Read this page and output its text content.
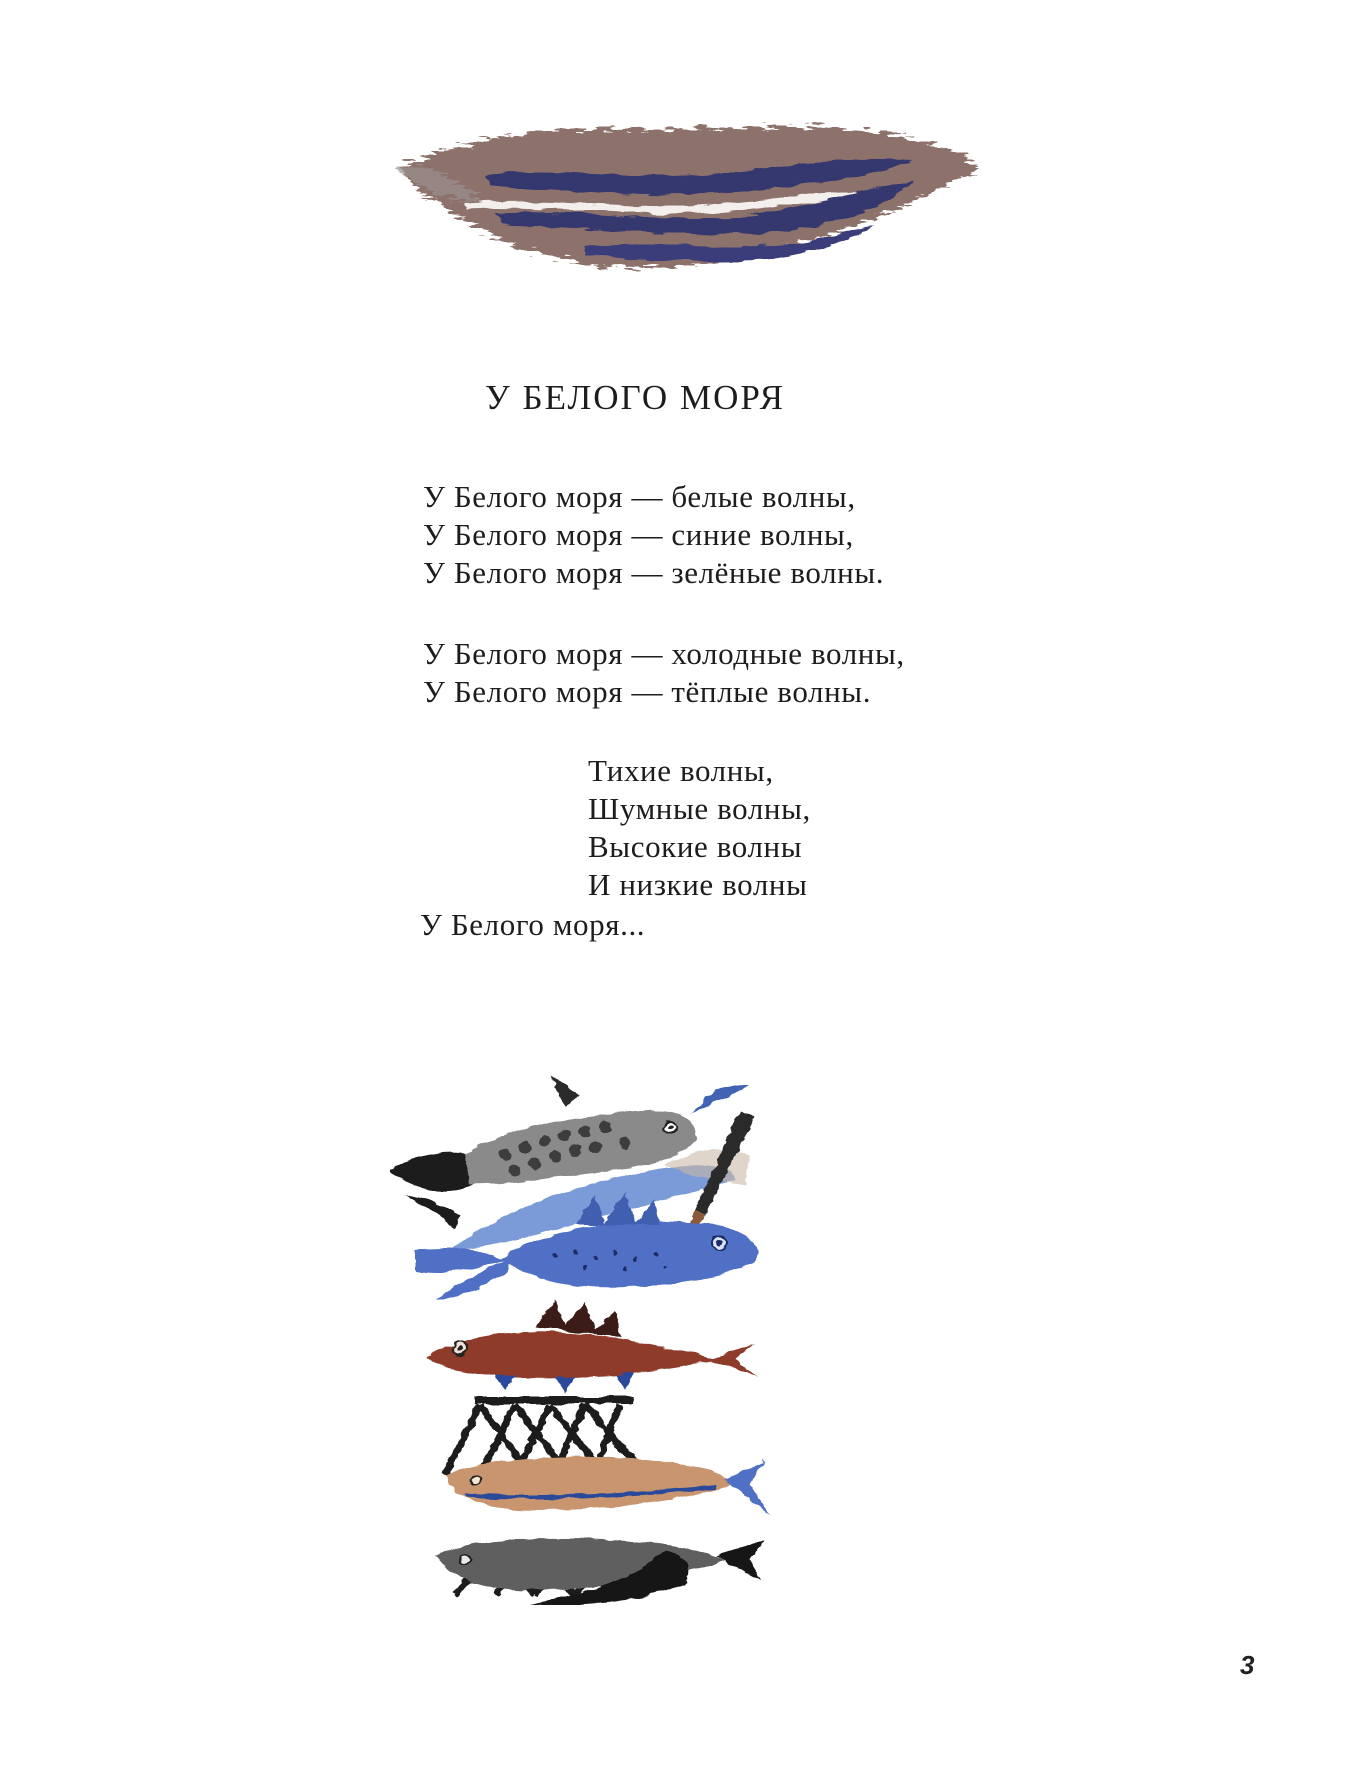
У БЕЛОГО МОРЯ
У Белого моря — белые волны,
У Белого моря — синие волны,
У Белого моря — зелёные волны.
У Белого моря — холодные волны,
У Белого моря — тёплые волны.
Тихие волны,
Шумные волны,
Высокие волны
И низкие волны
У Белого моря...
3
